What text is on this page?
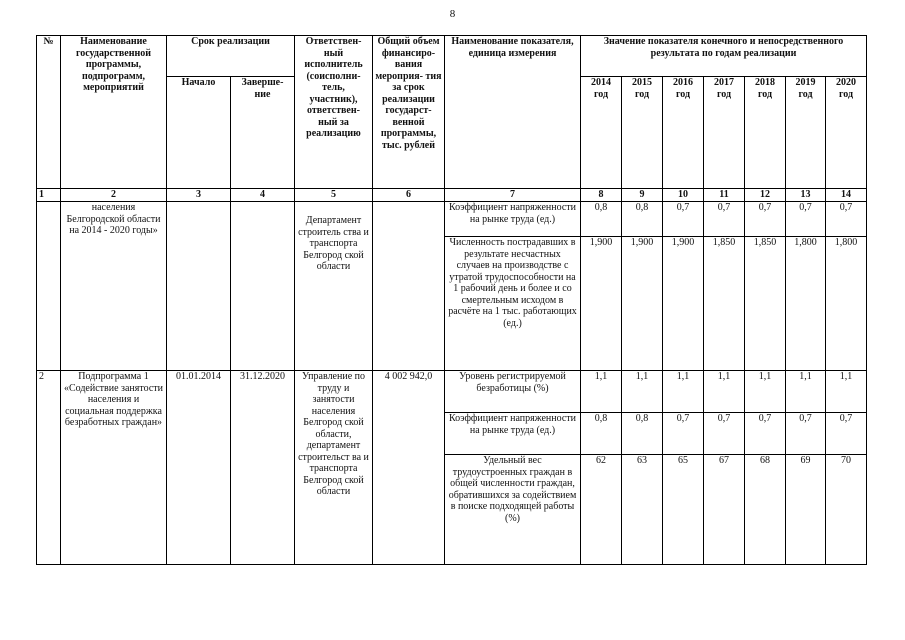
8
№	Наименование государственной программы, подпрограмм, мероприятий	Срок реализации		Ответствен- ный исполнитель (соисполни- тель, участник), ответствен- ный за реализацию	Общий объем финансиро- вания мероприя- тия за срок реализации государст- венной программы, тыс. рублей	Наименование показателя, единица измерения	Значение показателя конечного и непосредственного результата по годам реализации						
		Начало	Заверше- ние				2014 год	2015 год	2016 год	2017 год	2018 год	2019 год	2020 год
1	2	3	4	5	6	7	8	9	10	11	12	13	14
	населения Белгородской области на 2014 - 2020 годы»			Департамент строитель ства и транспорта Белгород ской области		Коэффициент напряженности на рынке труда (ед.)	0,8	0,8	0,7	0,7	0,7	0,7	0,7
						Численность пострадавших в результате несчастных случаев на производстве с утратой трудоспособности на 1 рабочий день и более и со смертельным исходом в расчёте на 1 тыс. работающих (ед.)	1,900	1,900	1,900	1,850	1,850	1,800	1,800
2	Подпрограмма 1 «Содействие занятости населения и социальная поддержка безработных граждан»	01.01.2014	31.12.2020	Управление по труду и занятости населения Белгород ской области, департамент строительст ва и транспорта Белгород ской области	4 002 942,0	Уровень регистрируемой безработицы (%)	1,1	1,1	1,1	1,1	1,1	1,1	1,1
						Коэффициент напряженности на рынке труда (ед.)	0,8	0,8	0,7	0,7	0,7	0,7	0,7
						Удельный вес трудоустроенных граждан в общей численности граждан, обратившихся за содействием в поиске подходящей работы (%)	62	63	65	67	68	69	70
